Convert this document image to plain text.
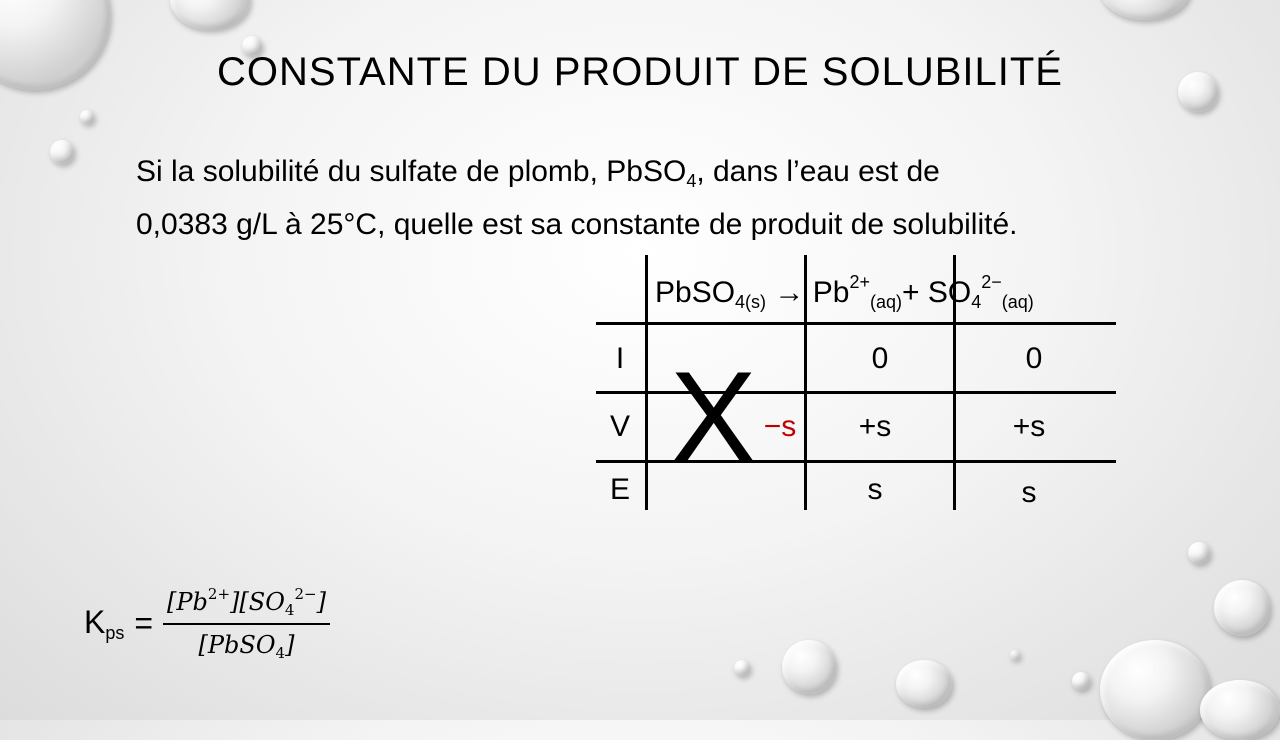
CONSTANTE DU PRODUIT DE SOLUBILITÉ
Si la solubilité du sulfate de plomb, PbSO$_4$, dans l’eau est de
0,0383 g/L à 25°C, quelle est sa constante de produit de solubilité.
PbSO$_{4(s)}$ → $Pb^{2+}_{(aq)}+ SO_4^{2-}_{(aq)}$
I
V
E X −s
0
+s
s
0
+s
s
$K_{ps} = \frac{[Pb^{2+}][SO_4^{2-}]}{[PbSO_4]}$
